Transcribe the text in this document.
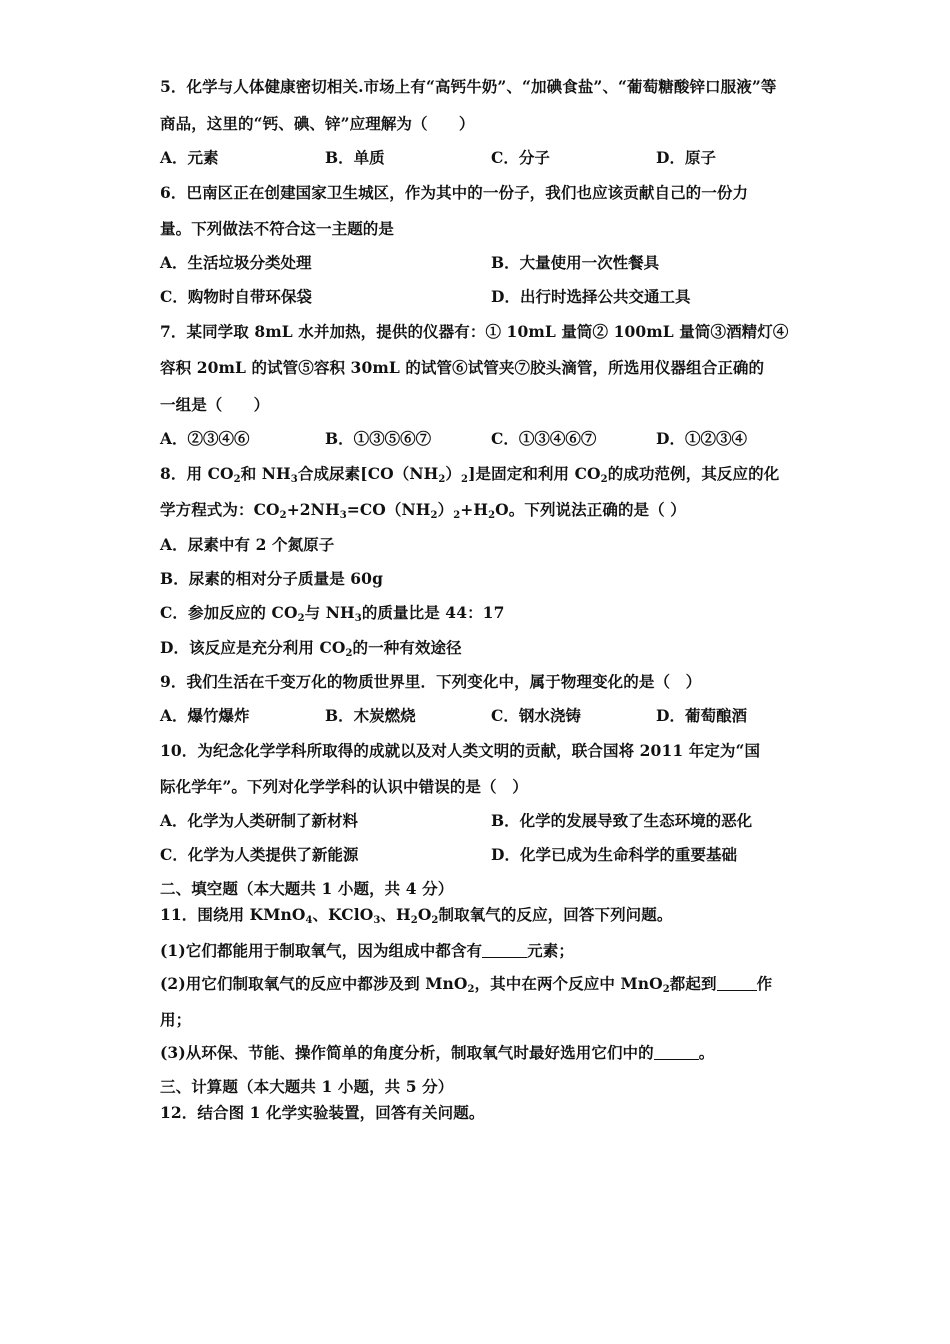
5．化学与人体健康密切相关.市场上有“高钙牛奶”、“加碘食盐”、“葡萄糖酸锌口服液”等
商品，这里的“钙、碘、锌”应理解为（　　）
A．元素	B．单质	C．分子	D．原子
6．巴南区正在创建国家卫生城区，作为其中的一份子，我们也应该贡献自己的一份力
量。下列做法不符合这一主题的是
A．生活垃圾分类处理	B．大量使用一次性餐具
C．购物时自带环保袋	D．出行时选择公共交通工具
7．某同学取 8mL 水并加热，提供的仪器有：① 10mL 量筒② 100mL 量筒③酒精灯④
容积 20mL 的试管⑤容积 30mL 的试管⑥试管夹⑦胶头滴管，所选用仪器组合正确的
一组是（　　）
A．②③④⑥	B．①③⑤⑥⑦	C．①③④⑥⑦	D．①②③④
8．用 $CO_2$和 $NH_3$合成尿素$[CO(NH_2)_2]$是固定和利用 $CO_2$的成功范例，其反应的化
学方程式为：$CO_2+2NH_3=CO(NH_2)_2+H_2O$。下列说法正确的是（ ）
A．尿素中有 2 个氮原子
B．尿素的相对分子质量是 60g
C．参加反应的 $CO_2$与 $NH_3$的质量比是 44：17
D．该反应是充分利用 $CO_2$的一种有效途径
9．我们生活在千变万化的物质世界里．下列变化中，属于物理变化的是（　）
A．爆竹爆炸	B．木炭燃烧	C．钢水浇铸	D．葡萄酿酒
10．为纪念化学学科所取得的成就以及对人类文明的贡献，联合国将 2011 年定为“国
际化学年”。下列对化学学科的认识中错误的是（　）
A．化学为人类研制了新材料	B．化学的发展导致了生态环境的恶化
C．化学为人类提供了新能源	D．化学已成为生命科学的重要基础
二、填空题（本大题共 1 小题，共 4 分）
11．围绕用 KMnO$_4$、KClO$_3$、$H_2O_2$制取氧气的反应，回答下列问题。
(1)它们都能用于制取氧气，因为组成中都含有	元素；
(2)用它们制取氧气的反应中都涉及到 MnO$_2$，其中在两个反应中 MnO$_2$都起到	作
用；
(3)从环保、节能、操作简单的角度分析，制取氧气时最好选用它们中的	。
三、计算题（本大题共 1 小题，共 5 分）
12．结合图 1 化学实验装置，回答有关问题。
